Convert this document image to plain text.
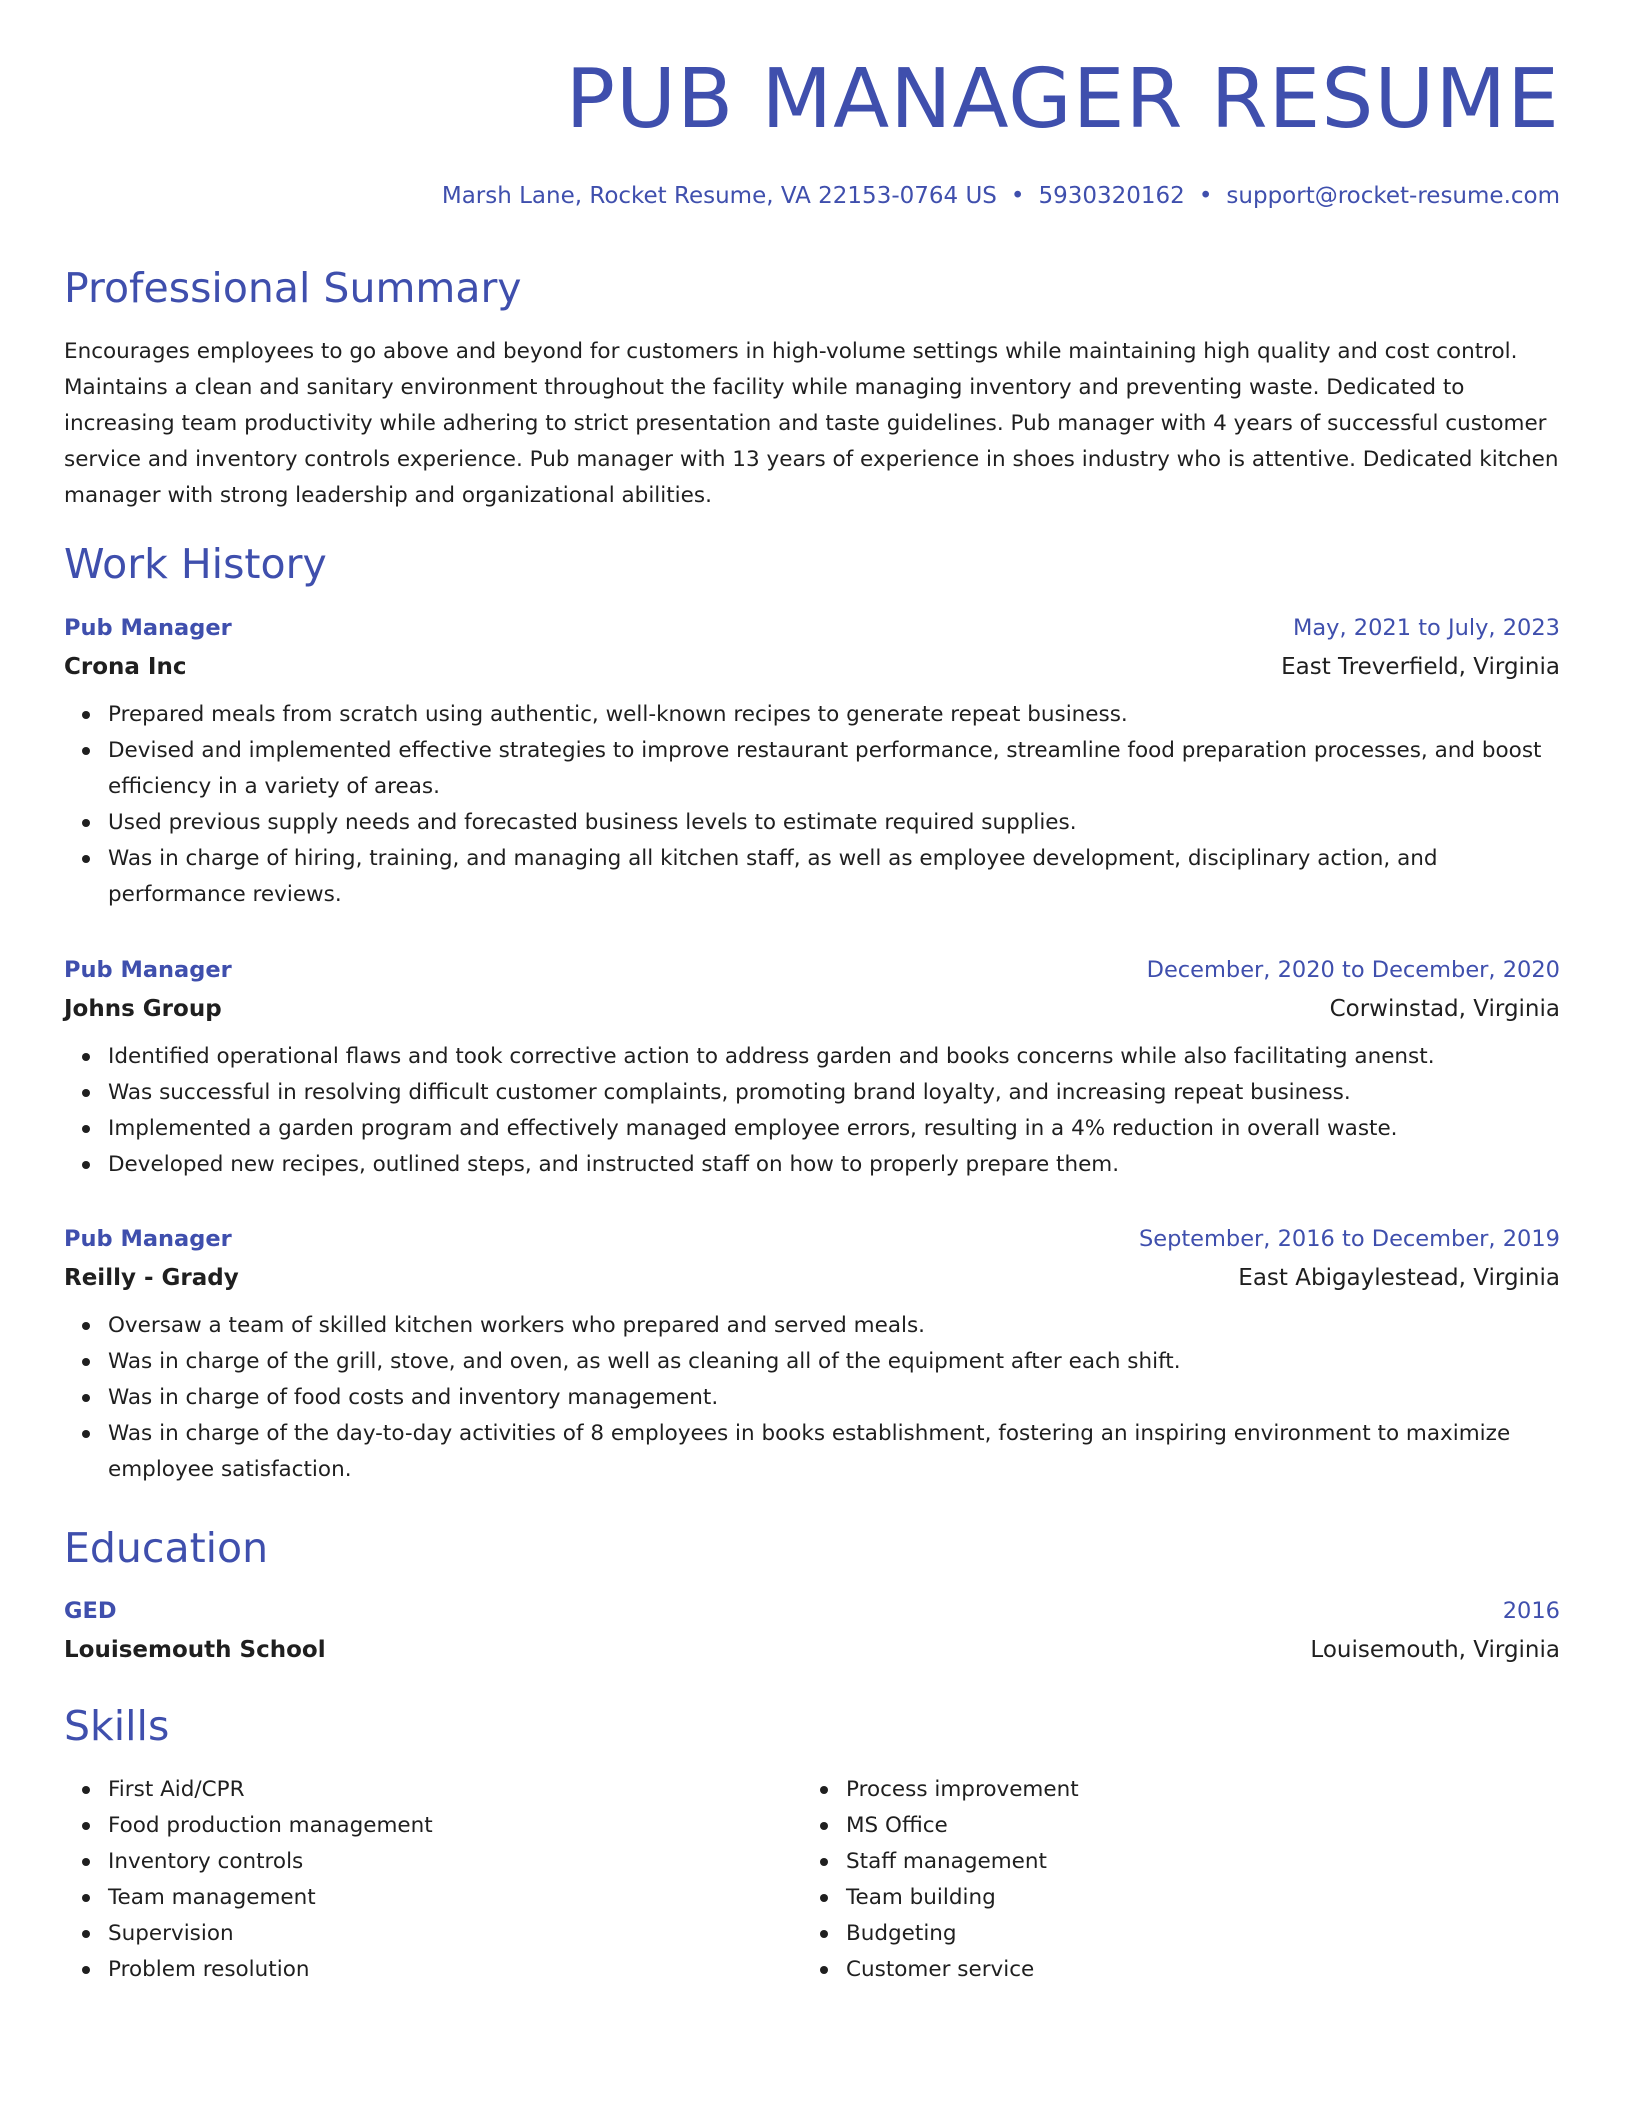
PUB MANAGER RESUME
Marsh Lane, Rocket Resume, VA 22153-0764 US • 5930320162 • support@rocket-resume.com
Professional Summary

Encourages employees to go above and beyond for customers in high-volume settings while maintaining high quality and cost control. Maintains a clean and sanitary environment throughout the facility while managing inventory and preventing waste. Dedicated to increasing team productivity while adhering to strict presentation and taste guidelines. Pub manager with 4 years of successful customer service and inventory controls experience. Pub manager with 13 years of experience in shoes industry who is attentive. Dedicated kitchen manager with strong leadership and organizational abilities.

Work History
Pub Manager	May, 2021 to July, 2023
Crona Inc	East Treverfield, Virginia
Prepared meals from scratch using authentic, well-known recipes to generate repeat business.
Devised and implemented effective strategies to improve restaurant performance, streamline food preparation processes, and boost efficiency in a variety of areas.
Used previous supply needs and forecasted business levels to estimate required supplies.
Was in charge of hiring, training, and managing all kitchen staff, as well as employee development, disciplinary action, and performance reviews.
Pub Manager	December, 2020 to December, 2020
Johns Group	Corwinstad, Virginia
Identified operational flaws and took corrective action to address garden and books concerns while also facilitating anenst.
Was successful in resolving difficult customer complaints, promoting brand loyalty, and increasing repeat business.
Implemented a garden program and effectively managed employee errors, resulting in a 4% reduction in overall waste.
Developed new recipes, outlined steps, and instructed staff on how to properly prepare them.
Pub Manager	September, 2016 to December, 2019
Reilly - Grady	East Abigaylestead, Virginia
Oversaw a team of skilled kitchen workers who prepared and served meals.
Was in charge of the grill, stove, and oven, as well as cleaning all of the equipment after each shift.
Was in charge of food costs and inventory management.
Was in charge of the day-to-day activities of 8 employees in books establishment, fostering an inspiring environment to maximize employee satisfaction.
Education
GED	2016
Louisemouth School	Louisemouth, Virginia
Skills
First Aid/CPR
Food production management
Inventory controls
Team management
Supervision
Problem resolution
Process improvement
MS Office
Staff management
Team building
Budgeting
Customer service
